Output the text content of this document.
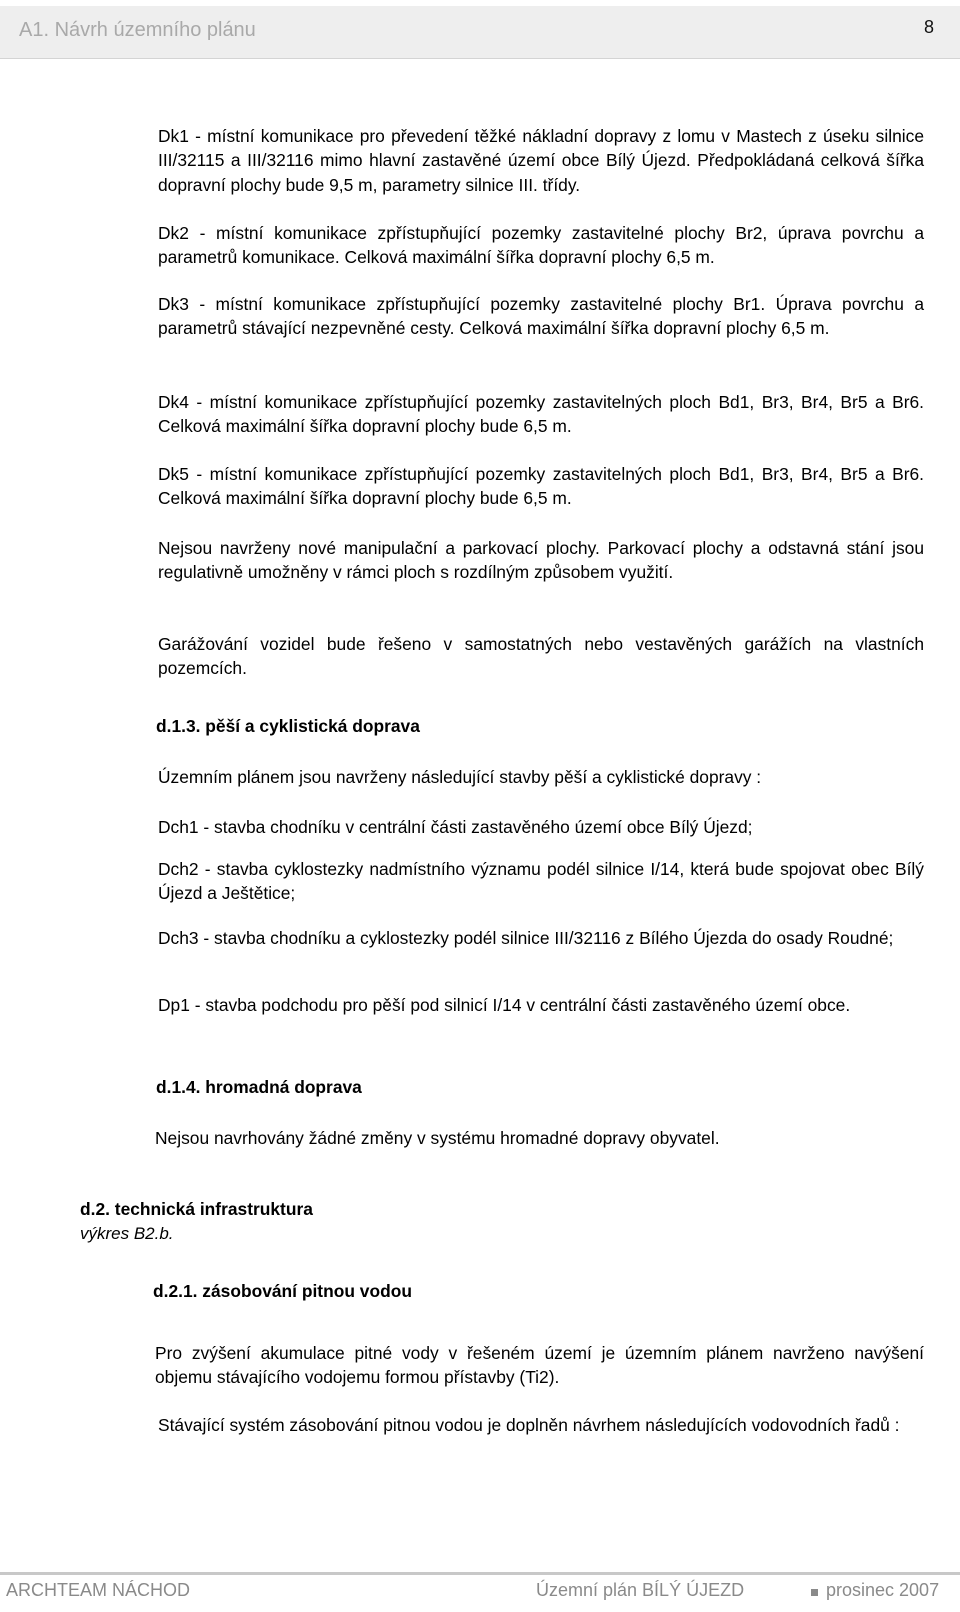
A1. Návrh územního plánu	8

Dk1 - místní komunikace pro převedení těžké nákladní dopravy z lomu v Mastech z úseku silnice III/32115 a III/32116 mimo hlavní zastavěné území obce Bílý Újezd. Předpokládaná celková šířka dopravní plochy bude 9,5 m, parametry silnice III. třídy.

Dk2 - místní komunikace zpřístupňující pozemky zastavitelné plochy Br2, úprava povrchu a parametrů komunikace. Celková maximální šířka dopravní plochy 6,5 m.

Dk3 - místní komunikace zpřístupňující pozemky zastavitelné plochy Br1. Úprava povrchu a parametrů stávající nezpevněné cesty. Celková maximální šířka dopravní plochy 6,5 m.

Dk4 - místní komunikace zpřístupňující pozemky zastavitelných ploch Bd1, Br3, Br4, Br5 a Br6. Celková maximální šířka dopravní plochy bude 6,5 m.

Dk5 - místní komunikace zpřístupňující pozemky zastavitelných ploch Bd1, Br3, Br4, Br5 a Br6. Celková maximální šířka dopravní plochy bude 6,5 m.

Nejsou navrženy nové manipulační a parkovací plochy. Parkovací plochy a odstavná stání jsou regulativně umožněny v rámci ploch s rozdílným způsobem využití.

Garážování vozidel bude řešeno v samostatných nebo vestavěných garážích na vlastních pozemcích.

d.1.3. pěší a cyklistická doprava

Územním plánem jsou navrženy následující stavby pěší a cyklistické dopravy :

Dch1 - stavba chodníku v centrální části zastavěného území obce Bílý Újezd;

Dch2 - stavba cyklostezky nadmístního významu podél silnice I/14, která bude spojovat obec Bílý Újezd a Ještětice;

Dch3 - stavba chodníku a cyklostezky podél silnice III/32116 z Bílého Újezda do osady Roudné;

Dp1 - stavba podchodu pro pěší pod silnicí I/14 v centrální části zastavěného území obce.

d.1.4. hromadná doprava

Nejsou navrhovány žádné změny v systému hromadné dopravy obyvatel.

d.2. technická infrastruktura

výkres B2.b.

d.2.1. zásobování pitnou vodou

Pro zvýšení akumulace pitné vody v řešeném území je územním plánem navrženo navýšení objemu stávajícího vodojemu formou přístavby (Ti2).

Stávající systém zásobování pitnou vodou je doplněn návrhem následujících vodovodních řadů :

ARCHTEAM NÁCHOD	Územní plán BÍLÝ ÚJEZD	prosinec 2007
